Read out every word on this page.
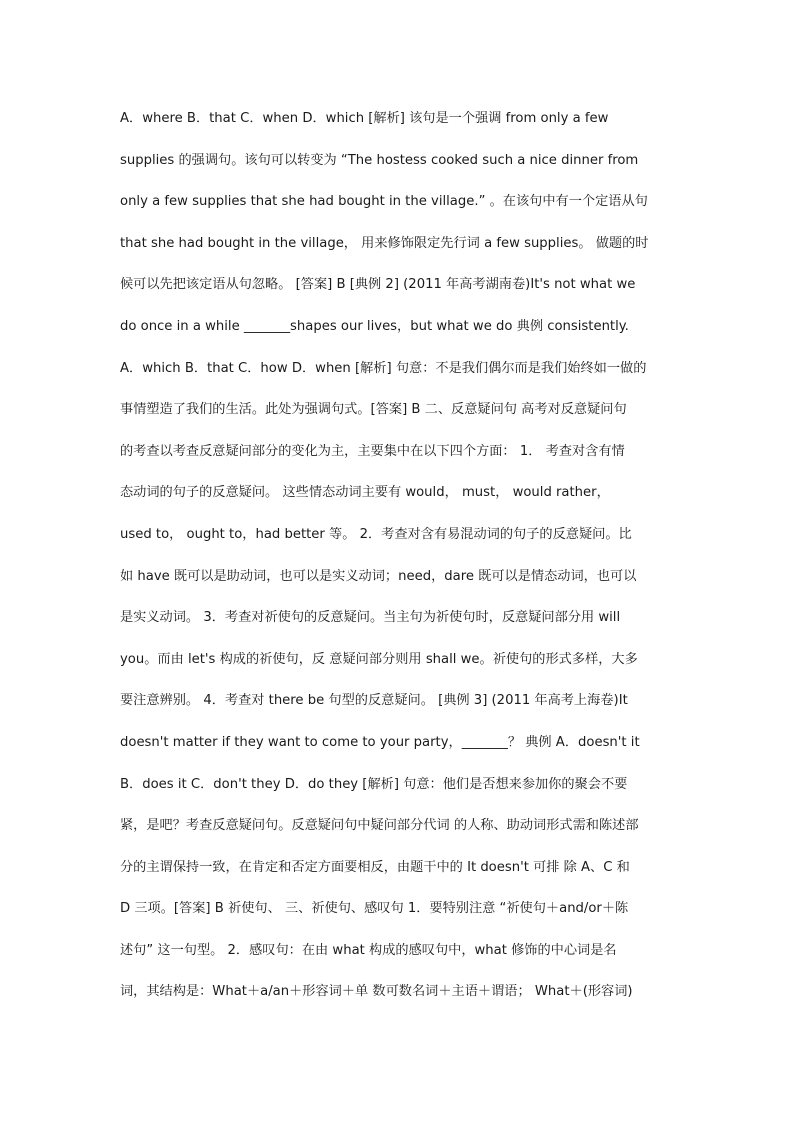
A．where B．that C．when D．which [解析] 该句是一个强调 from only a few
supplies 的强调句。该句可以转变为 “The hostess cooked such a nice dinner from
only a few supplies that she had bought in the village.” 。在该句中有一个定语从句
that she had bought in the village， 用来修饰限定先行词 a few supplies。 做题的时
候可以先把该定语从句忽略。 [答案] B [典例 2] (2011 年高考湖南卷)It's not what we
do once in a while _______shapes our lives，but what we do 典例 consistently.
A．which B．that C．how D．when [解析] 句意：不是我们偶尔而是我们始终如一做的
事情塑造了我们的生活。此处为强调句式。[答案] B 二、反意疑问句 高考对反意疑问句
的考查以考查反意疑问部分的变化为主，主要集中在以下四个方面： 1． 考查对含有情
态动词的句子的反意疑问。 这些情态动词主要有 would， must， would rather，
used to， ought to，had better 等。 2．考查对含有易混动词的句子的反意疑问。比
如 have 既可以是助动词，也可以是实义动词；need，dare 既可以是情态动词，也可以
是实义动词。 3．考查对祈使句的反意疑问。当主句为祈使句时，反意疑问部分用 will
you。而由 let's 构成的祈使句，反 意疑问部分则用 shall we。祈使句的形式多样，大多
要注意辨别。 4．考查对 there be 句型的反意疑问。 [典例 3] (2011 年高考上海卷)It
doesn't matter if they want to come to your party，_______？ 典例 A．doesn't it
B．does it C．don't they D．do they [解析] 句意：他们是否想来参加你的聚会不要
紧，是吧？考查反意疑问句。反意疑问句中疑问部分代词 的人称、助动词形式需和陈述部
分的主谓保持一致，在肯定和否定方面要相反，由题干中的 It doesn't 可排 除 A、C 和
D 三项。[答案] B 祈使句、 三、祈使句、感叹句 1．要特别注意 “祈使句＋and/or＋陈
述句” 这一句型。 2．感叹句：在由 what 构成的感叹句中，what 修饰的中心词是名
词，其结构是：What＋a/an＋形容词＋单 数可数名词＋主语＋谓语； What＋(形容词)
